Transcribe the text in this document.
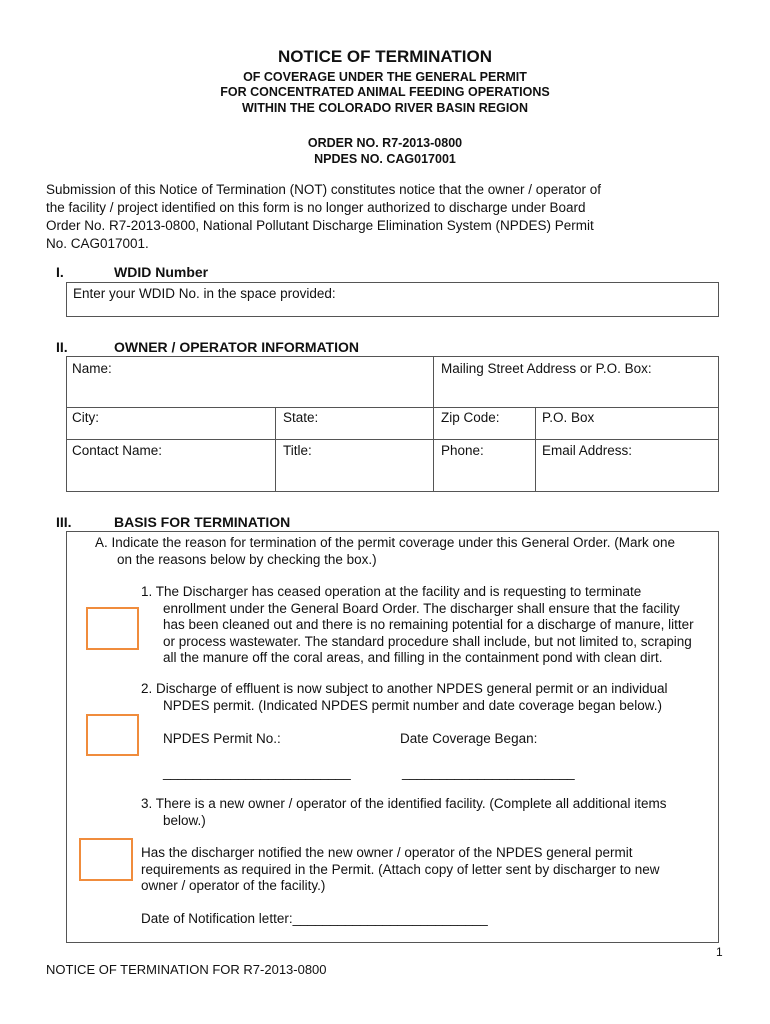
NOTICE OF TERMINATION
OF COVERAGE UNDER THE GENERAL PERMIT
FOR CONCENTRATED ANIMAL FEEDING OPERATIONS
WITHIN THE COLORADO RIVER BASIN REGION
ORDER NO. R7-2013-0800
NPDES NO. CAG017001
Submission of this Notice of Termination (NOT) constitutes notice that the owner / operator of
the facility / project identified on this form is no longer authorized to discharge under Board
Order No. R7-2013-0800, National Pollutant Discharge Elimination System (NPDES) Permit
No. CAG017001.
I.	WDID Number
Enter your WDID No. in the space provided:
II.	OWNER / OPERATOR INFORMATION
Name:	Mailing Street Address or P.O. Box:
City:	State:	Zip Code:	P.O. Box
Contact Name:	Title:	Phone:	Email Address:
III.	BASIS FOR TERMINATION
A. Indicate the reason for termination of the permit coverage under this General Order. (Mark one
on the reasons below by checking the box.)
1. The Discharger has ceased operation at the facility and is requesting to terminate
enrollment under the General Board Order. The discharger shall ensure that the facility
has been cleaned out and there is no remaining potential for a discharge of manure, litter
or process wastewater. The standard procedure shall include, but not limited to, scraping
all the manure off the coral areas, and filling in the containment pond with clean dirt.
2. Discharge of effluent is now subject to another NPDES general permit or an individual
NPDES permit. (Indicated NPDES permit number and date coverage began below.)
NPDES Permit No.:	Date Coverage Began:
_________________________	_______________________
3. There is a new owner / operator of the identified facility. (Complete all additional items
below.)
Has the discharger notified the new owner / operator of the NPDES general permit
requirements as required in the Permit. (Attach copy of letter sent by discharger to new
owner / operator of the facility.)
Date of Notification letter:__________________________
1
NOTICE OF TERMINATION FOR R7-2013-0800
